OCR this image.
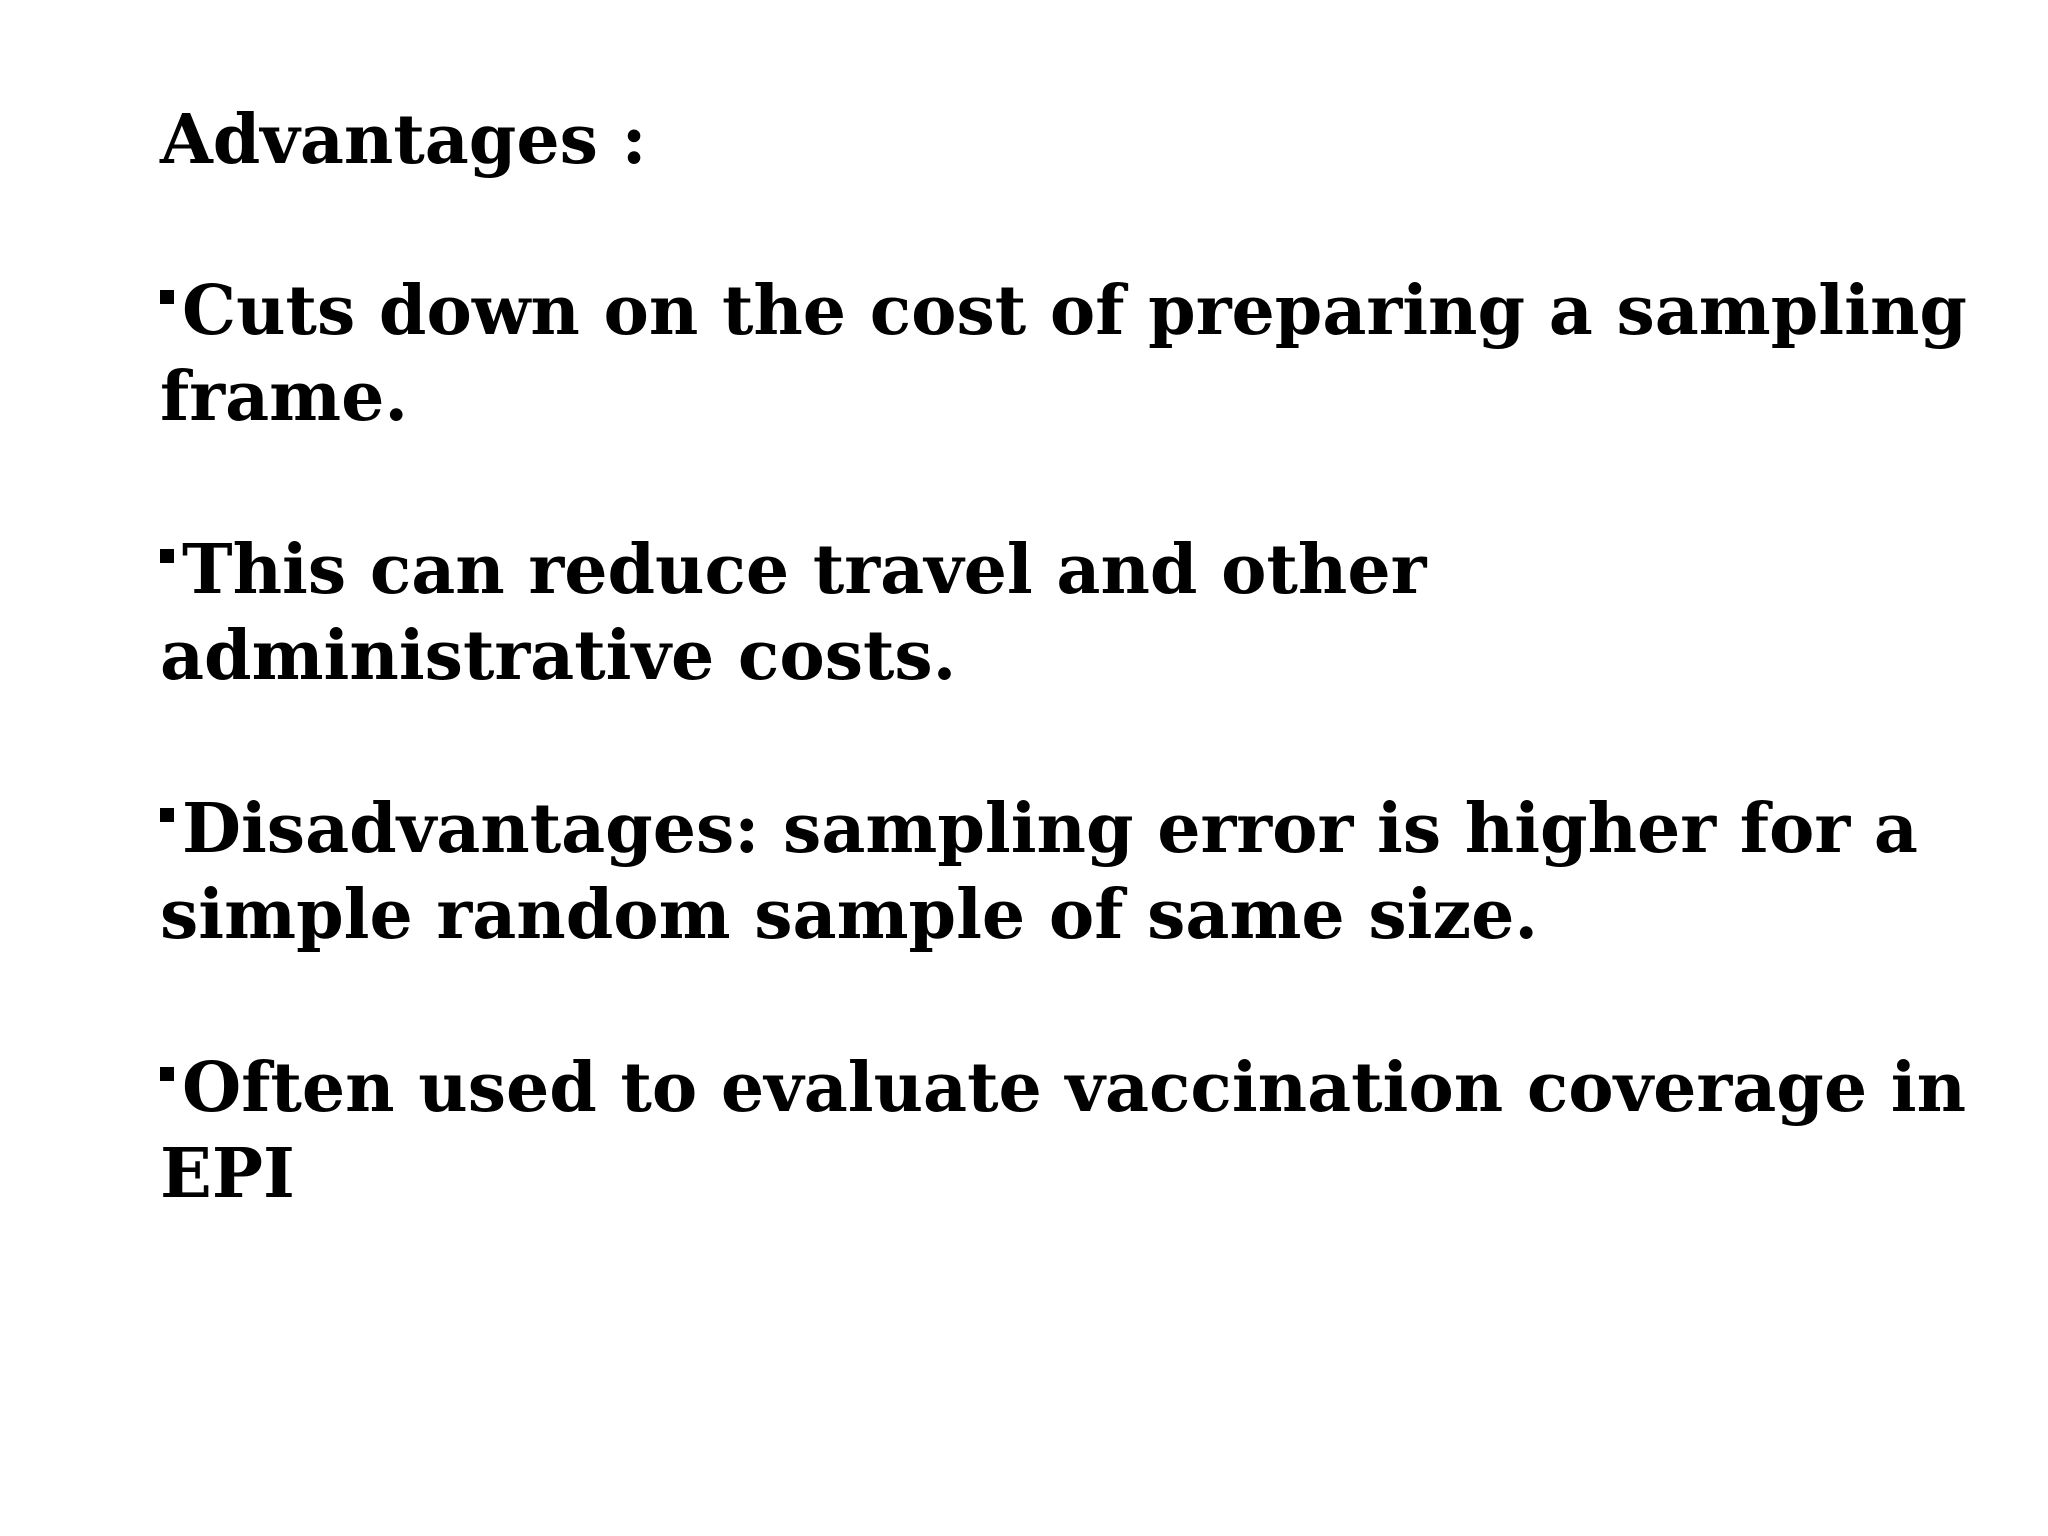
Advantages :
Cuts down on the cost of preparing a sampling frame.
This can reduce travel and other administrative costs.
Disadvantages: sampling error is higher for a simple random sample of same size.
Often used to evaluate vaccination coverage in EPI
